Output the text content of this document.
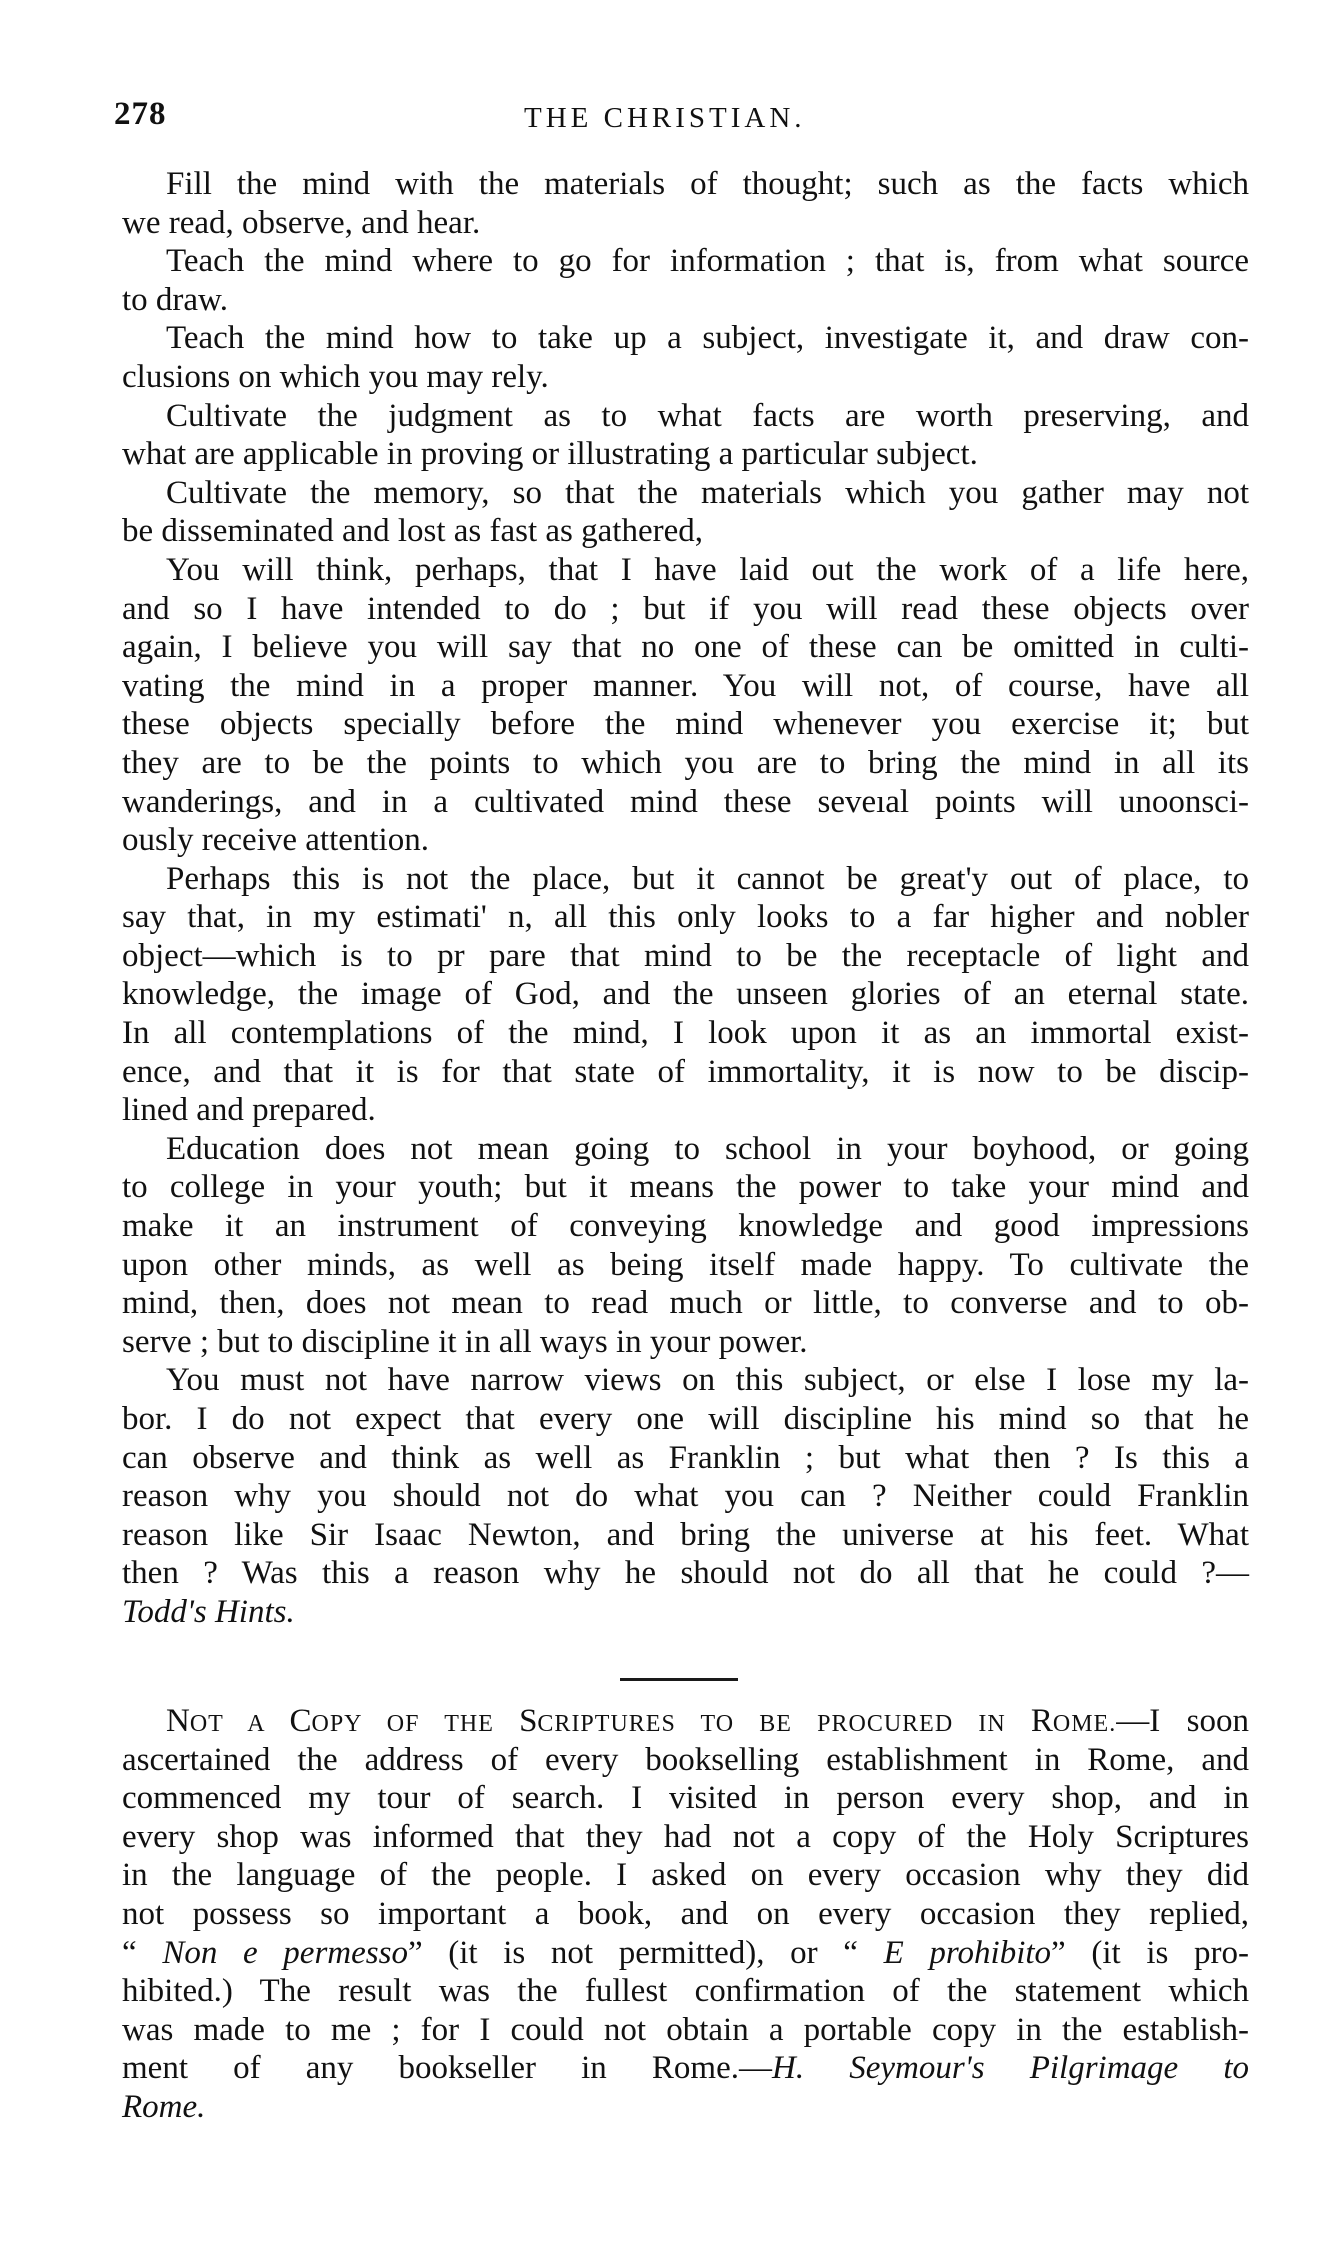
278	THE CHRISTIAN.
Fill the mind with the materials of thought; such as the facts which
we read, observe, and hear.
Teach the mind where to go for information ; that is, from what source
to draw.
Teach the mind how to take up a subject, investigate it, and draw con-
clusions on which you may rely.
Cultivate the judgment as to what facts are worth preserving, and
what are applicable in proving or illustrating a particular subject.
Cultivate the memory, so that the materials which you gather may not
be disseminated and lost as fast as gathered,
You will think, perhaps, that I have laid out the work of a life here,
and so I have intended to do ; but if you will read these objects over
again, I believe you will say that no one of these can be omitted in culti-
vating the mind in a proper manner. You will not, of course, have all
these objects specially before the mind whenever you exercise it; but
they are to be the points to which you are to bring the mind in all its
wanderings, and in a cultivated mind these seveıal points will unoonsci-
ously receive attention.
Perhaps this is not the place, but it cannot be great'y out of place, to
say that, in my estimati' n, all this only looks to a far higher and nobler
object—which is to pr pare that mind to be the receptacle of light and
knowledge, the image of God, and the unseen glories of an eternal state.
In all contemplations of the mind, I look upon it as an immortal exist-
ence, and that it is for that state of immortality, it is now to be discip-
lined and prepared.
Education does not mean going to school in your boyhood, or going
to college in your youth; but it means the power to take your mind and
make it an instrument of conveying knowledge and good impressions
upon other minds, as well as being itself made happy. To cultivate the
mind, then, does not mean to read much or little, to converse and to ob-
serve ; but to discipline it in all ways in your power.
You must not have narrow views on this subject, or else I lose my la-
bor. I do not expect that every one will discipline his mind so that he
can observe and think as well as Franklin ; but what then ? Is this a
reason why you should not do what you can ? Neither could Franklin
reason like Sir Isaac Newton, and bring the universe at his feet. What
then ? Was this a reason why he should not do all that he could ?—
Todd's Hints.
NOT A COPY OF THE SCRIPTURES TO BE PROCURED IN ROME.—I soon
ascertained the address of every bookselling establishment in Rome, and
commenced my tour of search. I visited in person every shop, and in
every shop was informed that they had not a copy of the Holy Scriptures
in the language of the people. I asked on every occasion why they did
not possess so important a book, and on every occasion they replied,
“ Non e permesso” (it is not permitted), or “ E prohibito” (it is pro-
hibited.) The result was the fullest confirmation of the statement which
was made to me ; for I could not obtain a portable copy in the establish-
ment of any bookseller in Rome.—H. Seymour's Pilgrimage to
Rome.
